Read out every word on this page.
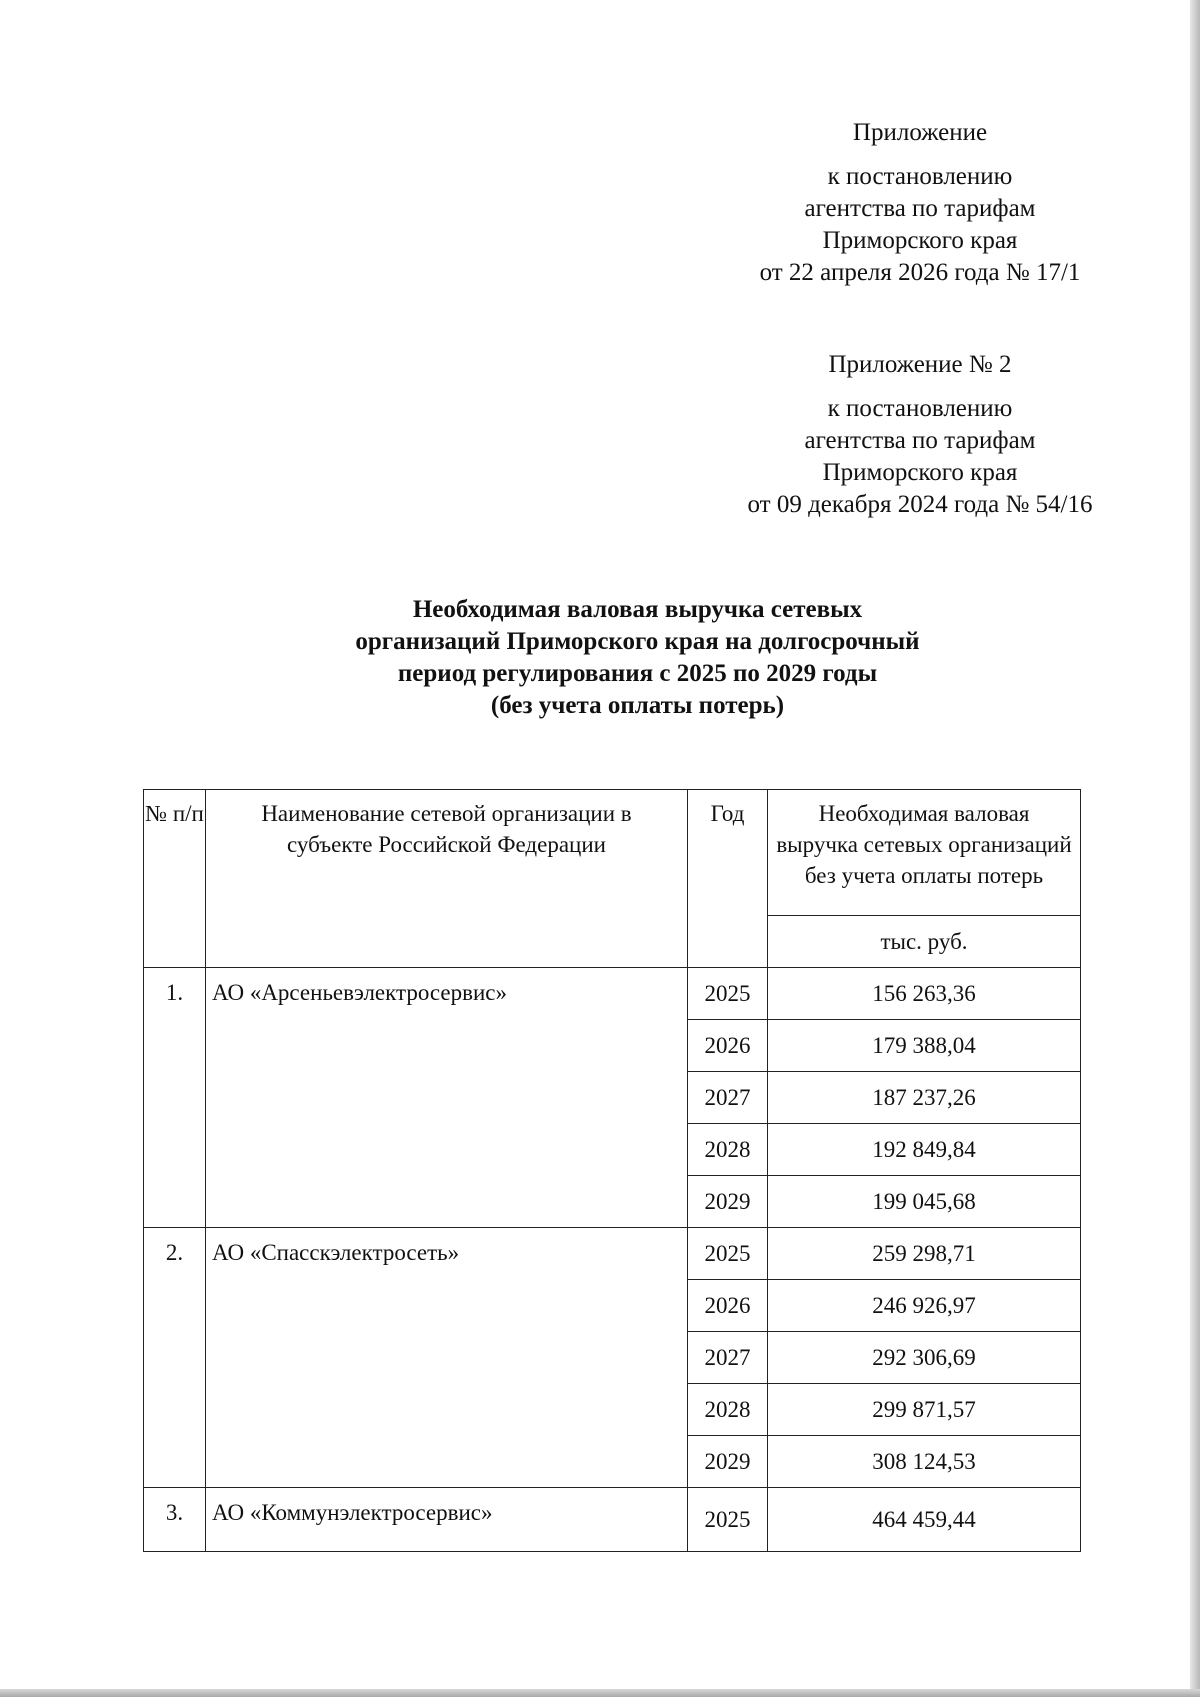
Приложение
к постановлению
агентства по тарифам
Приморского края
от 22 апреля 2026 года № 17/1
Приложение № 2
к постановлению
агентства по тарифам
Приморского края
от 09 декабря 2024 года № 54/16
Необходимая валовая выручка сетевых
организаций Приморского края на долгосрочный
период регулирования с 2025 по 2029 годы
(без учета оплаты потерь)
№ п/п	Наименование сетевой организации в субъекте Российской Федерации	Год	Необходимая валовая выручка сетевых организаций без учета оплаты потерь
			тыс. руб.
1.	АО «Арсеньевэлектросервис»	2025	156 263,36
		2026	179 388,04
		2027	187 237,26
		2028	192 849,84
		2029	199 045,68
2.	АО «Спасскэлектросеть»	2025	259 298,71
		2026	246 926,97
		2027	292 306,69
		2028	299 871,57
		2029	308 124,53
3.	АО «Коммунэлектросервис»	2025	464 459,44
